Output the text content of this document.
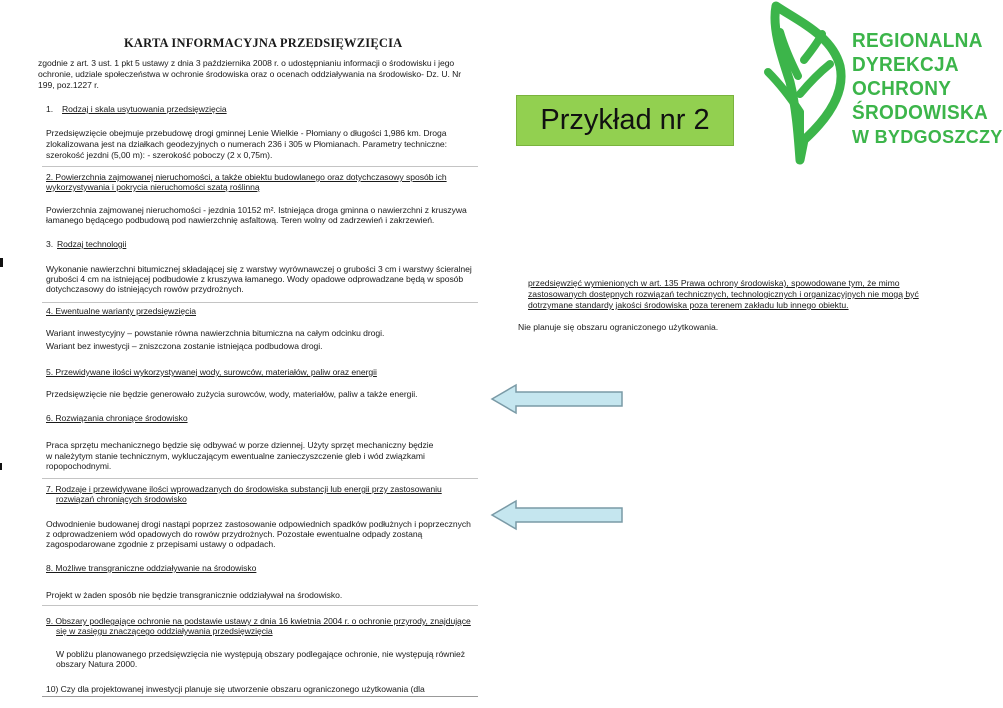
KARTA INFORMACYJNA PRZEDSIĘWZIĘCIA
zgodnie z art. 3 ust. 1 pkt 5 ustawy z dnia 3 października 2008 r. o udostępnianiu informacji o środowisku i jego
ochronie, udziale społeczeństwa w ochronie środowiska oraz o ocenach oddziaływania na środowisko- Dz. U. Nr
199, poz.1227 r.
1. Rodzaj i skala usytuowania przedsięwzięcia
Przedsięwzięcie obejmuje przebudowę drogi gminnej Lenie Wielkie - Płomiany o długości 1,986 km. Droga
zlokalizowana jest na działkach geodezyjnych o numerach 236 i 305 w Płomianach. Parametry techniczne:
szerokość jezdni (5,00 m): - szerokość poboczy (2 x 0,75m).
2. Powierzchnia zajmowanej nieruchomości, a także obiektu budowlanego oraz dotychczasowy sposób ich
wykorzystywania i pokrycia nieruchomości szatą roślinną
Powierzchnia zajmowanej nieruchomości - jezdnia 10152 m². Istniejąca droga gminna o nawierzchni z kruszywa
łamanego będącego podbudową pod nawierzchnię asfaltową. Teren wolny od zadrzewień i zakrzewień.
3. Rodzaj technologii
Wykonanie nawierzchni bitumicznej składającej się z warstwy wyrównawczej o grubości 3 cm i warstwy ścieralnej
grubości 4 cm na istniejącej podbudowie z kruszywa łamanego. Wody opadowe odprowadzane będą w sposób
dotychczasowy do istniejących rowów przydrożnych.
4. Ewentualne warianty przedsięwzięcia
Wariant inwestycyjny – powstanie równa nawierzchnia bitumiczna na całym odcinku drogi.
Wariant bez inwestycji – zniszczona zostanie istniejąca podbudowa drogi.
5. Przewidywane ilości wykorzystywanej wody, surowców, materiałów, paliw oraz energii
Przedsięwzięcie nie będzie generowało zużycia surowców, wody, materiałów, paliw a także energii.
6. Rozwiązania chroniące środowisko
Praca sprzętu mechanicznego będzie się odbywać w porze dziennej. Użyty sprzęt mechaniczny będzie
w należytym stanie technicznym, wykluczającym ewentualne zanieczyszczenie gleb i wód związkami
ropopochodnymi.
7. Rodzaje i przewidywane ilości wprowadzanych do środowiska substancji lub energii przy zastosowaniu
rozwiązań chroniących środowisko
Odwodnienie budowanej drogi nastąpi poprzez zastosowanie odpowiednich spadków podłużnych i poprzecznych
z odprowadzeniem wód opadowych do rowów przydrożnych. Pozostałe ewentualne odpady zostaną
zagospodarowane zgodnie z przepisami ustawy o odpadach.
8. Możliwe transgraniczne oddziaływanie na środowisko
Projekt w żaden sposób nie będzie transgranicznie oddziaływał na środowisko.
9. Obszary podlegające ochronie na podstawie ustawy z dnia 16 kwietnia 2004 r. o ochronie przyrody, znajdujące
się w zasięgu znaczącego oddziaływania przedsięwzięcia
W pobliżu planowanego przedsięwzięcia nie występują obszary podlegające ochronie, nie występują również
obszary Natura 2000.
10) Czy dla projektowanej inwestycji planuje się utworzenie obszaru ograniczonego użytkowania (dla
Przykład nr 2
REGIONALNA
DYREKCJA
OCHRONY
ŚRODOWISKA
W BYDGOSZCZY
przedsięwzięć wymienionych w art. 135 Prawa ochrony środowiska), spowodowane tym, że mimo
zastosowanych dostępnych rozwiązań technicznych, technologicznych i organizacyjnych nie mogą być
dotrzymane standardy jakości środowiska poza terenem zakładu lub innego obiektu.
Nie planuje się obszaru ograniczonego użytkowania.
